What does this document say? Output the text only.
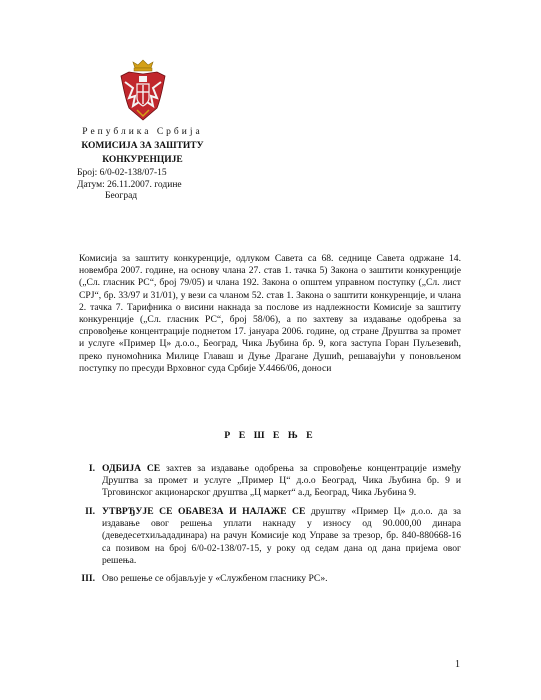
Република Србија
КОМИСИЈА ЗА ЗАШТИТУ
КОНКУРЕНЦИЈЕ
Број: 6/0-02-138/07-15
Датум: 26.11.2007. године
Београд
Комисија за заштиту конкуренције, одлуком Савета са 68. седнице Савета одржане 14. новембра 2007. године, на основу члана 27. став 1. тачка 5) Закона о заштити конкуренције („Сл. гласник РС“, број 79/05) и члана 192. Закона о општем управном поступку („Сл. лист СРЈ“, бр. 33/97 и 31/01), у вези са чланом 52. став 1. Закона о заштити конкуренције, и члана 2. тачка 7. Тарифника о висини накнада за послове из надлежности Комисије за заштиту конкуренције („Сл. гласник РС“, број 58/06), а по захтеву за издавање одобрења за спровођење концентрације поднетом 17. јануара 2006. године, од стране Друштва за промет и услуге «Пример Ц» д.о.о., Београд, Чика Љубина бр. 9, кога заступа Горан Пуљезевић, преко пуномоћника Милице Главаш и Дуње Драгане Душић, решавајући у поновљеном поступку по пресуди Врховног суда Србије У.4466/06, доноси
Р Е Ш Е Њ Е
I. ОДБИЈА СЕ захтев за издавање одобрења за спровођење концентрације између Друштва за промет и услуге „Пример Ц“ д.о.о Београд, Чика Љубина бр. 9 и Трговинског акционарског друштва „Ц маркет“ а.д, Београд, Чика Љубина 9.
II. УТВРЂУЈЕ СЕ ОБАВЕЗА И НАЛАЖЕ СЕ друштву «Пример Ц» д.о.о. да за издавање овог решења уплати накнаду у износу од 90.000,00 динара (деведесетхиљададинара) на рачун Комисије код Управе за трезор, бр. 840-880668-16 са позивом на број 6/0-02-138/07-15, у року од седам дана од дана пријема овог решења.
III. Ово решење се објављује у «Службеном гласнику РС».
1
